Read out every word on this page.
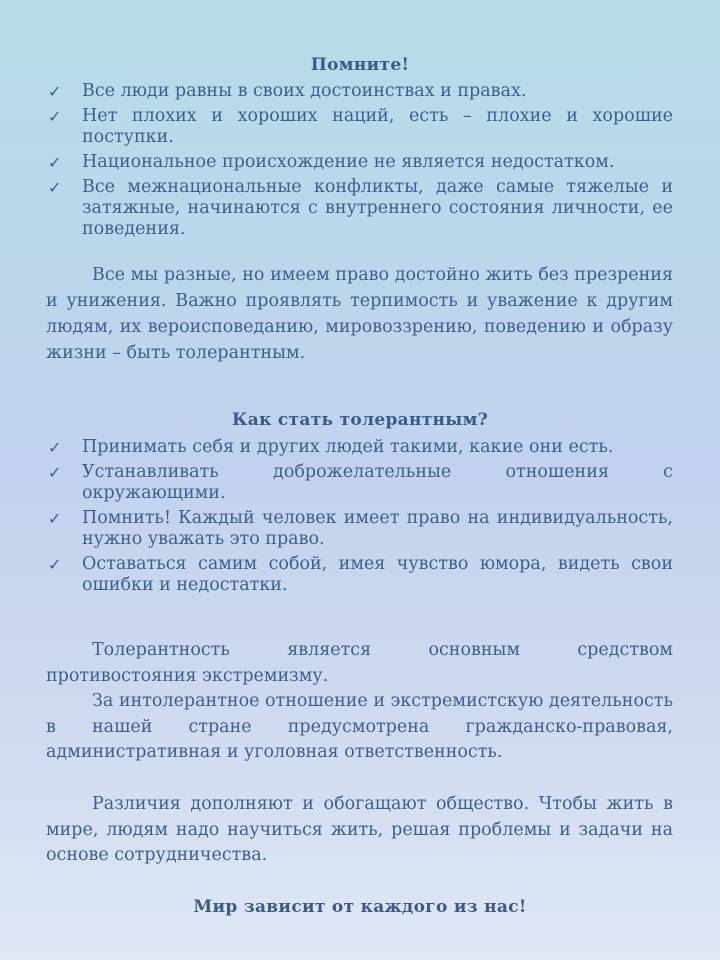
Помните!
✓ Все люди равны в своих достоинствах и правах.
✓ Нет плохих и хороших наций, есть – плохие и хорошие поступки.
✓ Национальное происхождение не является недостатком.
✓ Все межнациональные конфликты, даже самые тяжелые и затяжные, начинаются с внутреннего состояния личности, ее поведения.

Все мы разные, но имеем право достойно жить без презрения и унижения. Важно проявлять терпимость и уважение к другим людям, их вероисповеданию, мировоззрению, поведению и образу жизни – быть толерантным.

Как стать толерантным?
✓ Принимать себя и других людей такими, какие они есть.
✓ Устанавливать доброжелательные отношения с окружающими.
✓ Помнить! Каждый человек имеет право на индивидуальность, нужно уважать это право.
✓ Оставаться самим собой, имея чувство юмора, видеть свои ошибки и недостатки.

Толерантность является основным средством противостояния экстремизму.

За интолерантное отношение и экстремистскую деятельность в нашей стране предусмотрена гражданско-правовая, административная и уголовная ответственность.

Различия дополняют и обогащают общество. Чтобы жить в мире, людям надо научиться жить, решая проблемы и задачи на основе сотрудничества.

Мир зависит от каждого из нас!
